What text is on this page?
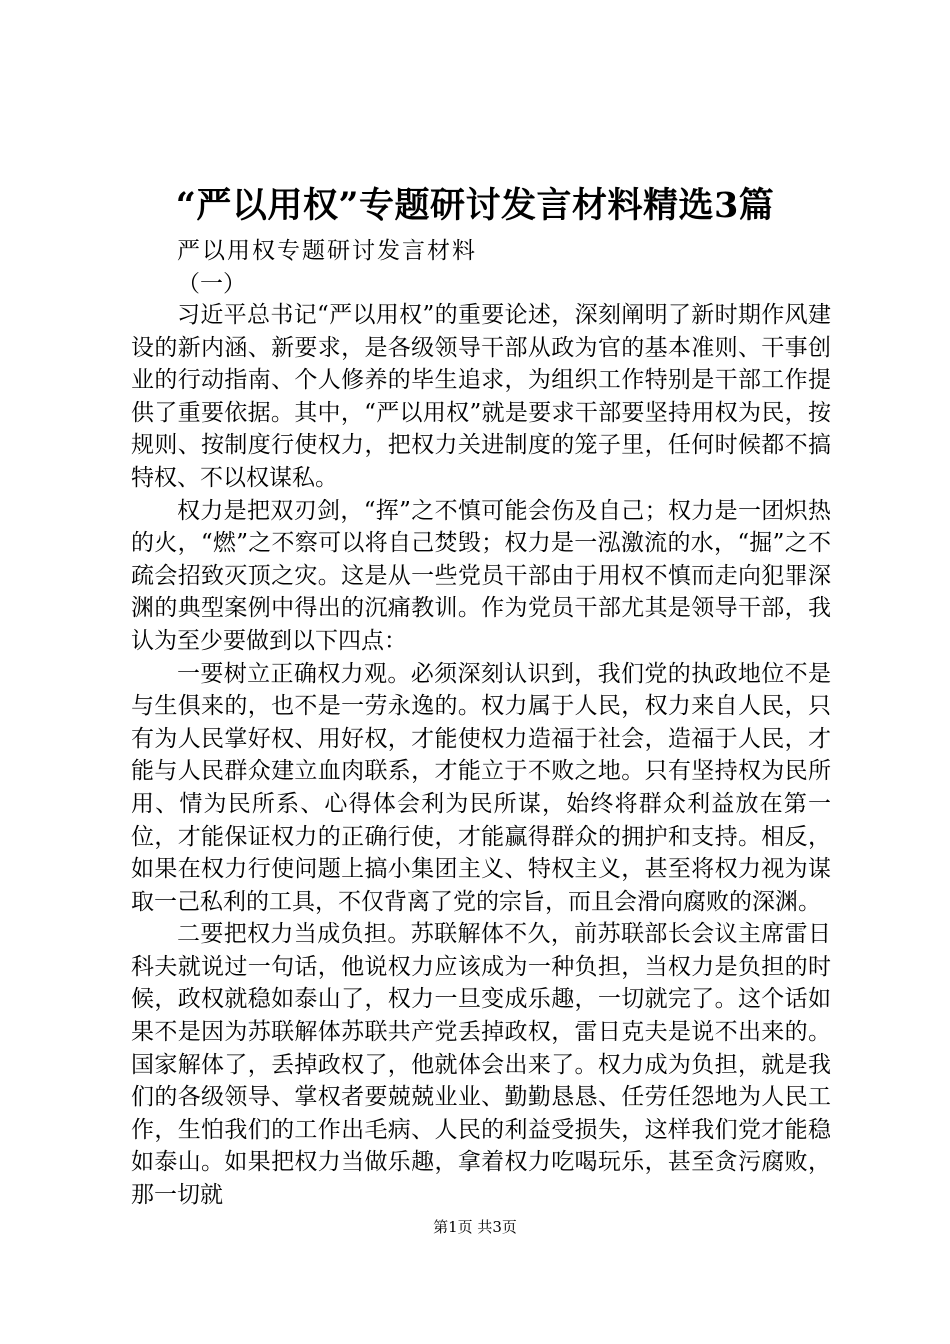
“严以用权”专题研讨发言材料精选3篇

严以用权专题研讨发言材料

（一）

习近平总书记“严以用权”的重要论述，深刻阐明了新时期作风建设的新内涵、新要求，是各级领导干部从政为官的基本准则、干事创业的行动指南、个人修养的毕生追求，为组织工作特别是干部工作提供了重要依据。其中，“严以用权”就是要求干部要坚持用权为民，按规则、按制度行使权力，把权力关进制度的笼子里，任何时候都不搞特权、不以权谋私。

权力是把双刃剑，“挥”之不慎可能会伤及自己；权力是一团炽热的火，“燃”之不察可以将自己焚毁；权力是一泓激流的水，“掘”之不疏会招致灭顶之灾。这是从一些党员干部由于用权不慎而走向犯罪深渊的典型案例中得出的沉痛教训。作为党员干部尤其是领导干部，我认为至少要做到以下四点：

一要树立正确权力观。必须深刻认识到，我们党的执政地位不是与生俱来的，也不是一劳永逸的。权力属于人民，权力来自人民，只有为人民掌好权、用好权，才能使权力造福于社会，造福于人民，才能与人民群众建立血肉联系，才能立于不败之地。只有坚持权为民所用、情为民所系、心得体会利为民所谋，始终将群众利益放在第一位，才能保证权力的正确行使，才能赢得群众的拥护和支持。相反，如果在权力行使问题上搞小集团主义、特权主义，甚至将权力视为谋取一己私利的工具，不仅背离了党的宗旨，而且会滑向腐败的深渊。

二要把权力当成负担。苏联解体不久，前苏联部长会议主席雷日科夫就说过一句话，他说权力应该成为一种负担，当权力是负担的时候，政权就稳如泰山了，权力一旦变成乐趣，一切就完了。这个话如果不是因为苏联解体苏联共产党丢掉政权，雷日克夫是说不出来的。国家解体了，丢掉政权了，他就体会出来了。权力成为负担，就是我们的各级领导、掌权者要兢兢业业、勤勤恳恳、任劳任怨地为人民工作，生怕我们的工作出毛病、人民的利益受损失，这样我们党才能稳如泰山。如果把权力当做乐趣，拿着权力吃喝玩乐，甚至贪污腐败，那一切就

第1页 共3页
